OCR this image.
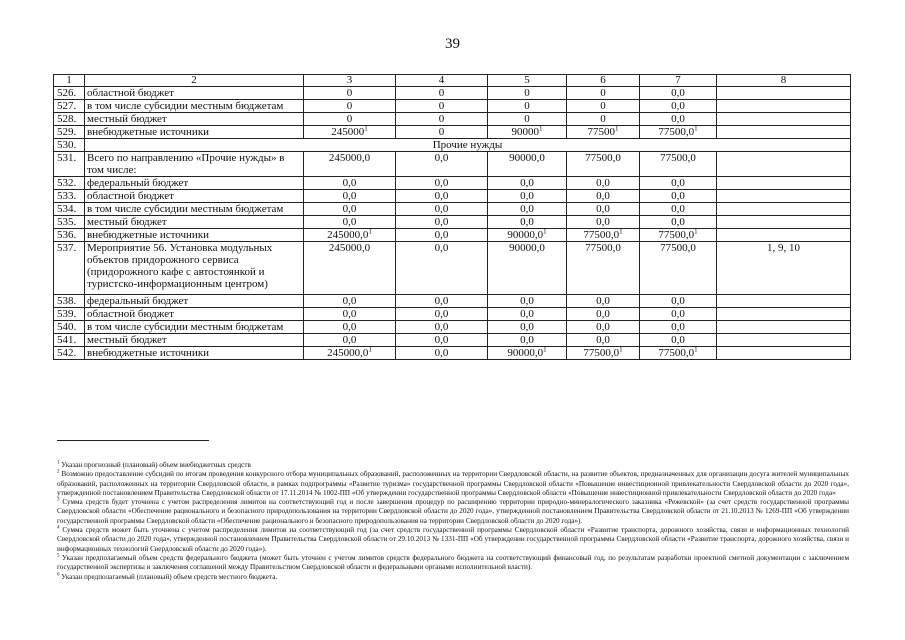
39
1	2	3	4	5	6	7	8
526.	областной бюджет	0	0	0	0	0,0	
527.	в том числе субсидии местным бюджетам	0	0	0	0	0,0	
528.	местный бюджет	0	0	0	0	0,0	
529.	внебюджетные источники	245000$^1$	0	90000$^1$	77500$^1$	77500,0$^1$	
530.	Прочие нужды						
531.	Всего по направлению «Прочие нужды» в том числе:	245000,0	0,0	90000,0	77500,0	77500,0	
532.	федеральный бюджет	0,0	0,0	0,0	0,0	0,0	
533.	областной бюджет	0,0	0,0	0,0	0,0	0,0	
534.	в том числе субсидии местным бюджетам	0,0	0,0	0,0	0,0	0,0	
535.	местный бюджет	0,0	0,0	0,0	0,0	0,0	
536.	внебюджетные источники	245000,0$^1$	0,0	90000,0$^1$	77500,0$^1$	77500,0$^1$	
537.	Мероприятие 56. Установка модульных объектов придорожного сервиса (придорожного кафе с автостоянкой и туристско-информационным центром)	245000,0	0,0	90000,0	77500,0	77500,0	1, 9, 10
538.	федеральный бюджет	0,0	0,0	0,0	0,0	0,0	
539.	областной бюджет	0,0	0,0	0,0	0,0	0,0	
540.	в том числе субсидии местным бюджетам	0,0	0,0	0,0	0,0	0,0	
541.	местный бюджет	0,0	0,0	0,0	0,0	0,0	
542.	внебюджетные источники	245000,0$^1$	0,0	90000,0$^1$	77500,0$^1$	77500,0$^1$	

$^1$ Указан прогнозный (плановый) объем внебюджетных средств

$^2$ Возможно предоставление субсидий по итогам проведения конкурсного отбора муниципальных образований, расположенных на территории Свердловской области, на развитие объектов, предназначенных для организации досуга жителей муниципальных образований, расположенных на территории Свердловской области, в рамках подпрограммы «Развитие туризма» государственной программы Свердловской области «Повышение инвестиционной привлекательности Свердловской области до 2020 года», утвержденной постановлением Правительства Свердловской области от 17.11.2014 № 1002-ПП «Об утверждении государственной программы Свердловской области «Повышение инвестиционной привлекательности Свердловской области до 2020 года»

$^3$ Сумма средств будет уточнена с учетом распределения лимитов на соответствующий год и после завершения процедур по расширению территории природно-минералогического заказника «Режевской» (за счет средств государственной программы Свердловской области «Обеспечение рационального и безопасного природопользования на территории Свердловской области до 2020 года», утвержденной постановлением Правительства Свердловской области от 21.10.2013 № 1269-ПП «Об утверждении государственной программы Свердловской области «Обеспечение рационального и безопасного природопользования на территории Свердловской области до 2020 года»).

$^4$ Сумма средств может быть уточнена с учетом распределения лимитов на соответствующий год (за счет средств государственной программы Свердловской области «Развитие транспорта, дорожного хозяйства, связи и информационных технологий Свердловской области до 2020 года», утвержденной постановлением Правительства Свердловской области от 29.10.2013 № 1331-ПП «Об утверждении государственной программы Свердловской области «Развитие транспорта, дорожного хозяйства, связи и информационных технологий Свердловской области до 2020 года»).

$^5$ Указан предполагаемый объем средств федерального бюджета (может быть уточнен с учетом лимитов средств федерального бюджета на соответствующий финансовый год, по результатам разработки проектной сметной документации с заключением государственной экспертизы и заключения соглашений между Правительством Свердловской области и федеральными органами исполнительной власти).

$^6$ Указан предполагаемый (плановый) объем средств местного бюджета.
